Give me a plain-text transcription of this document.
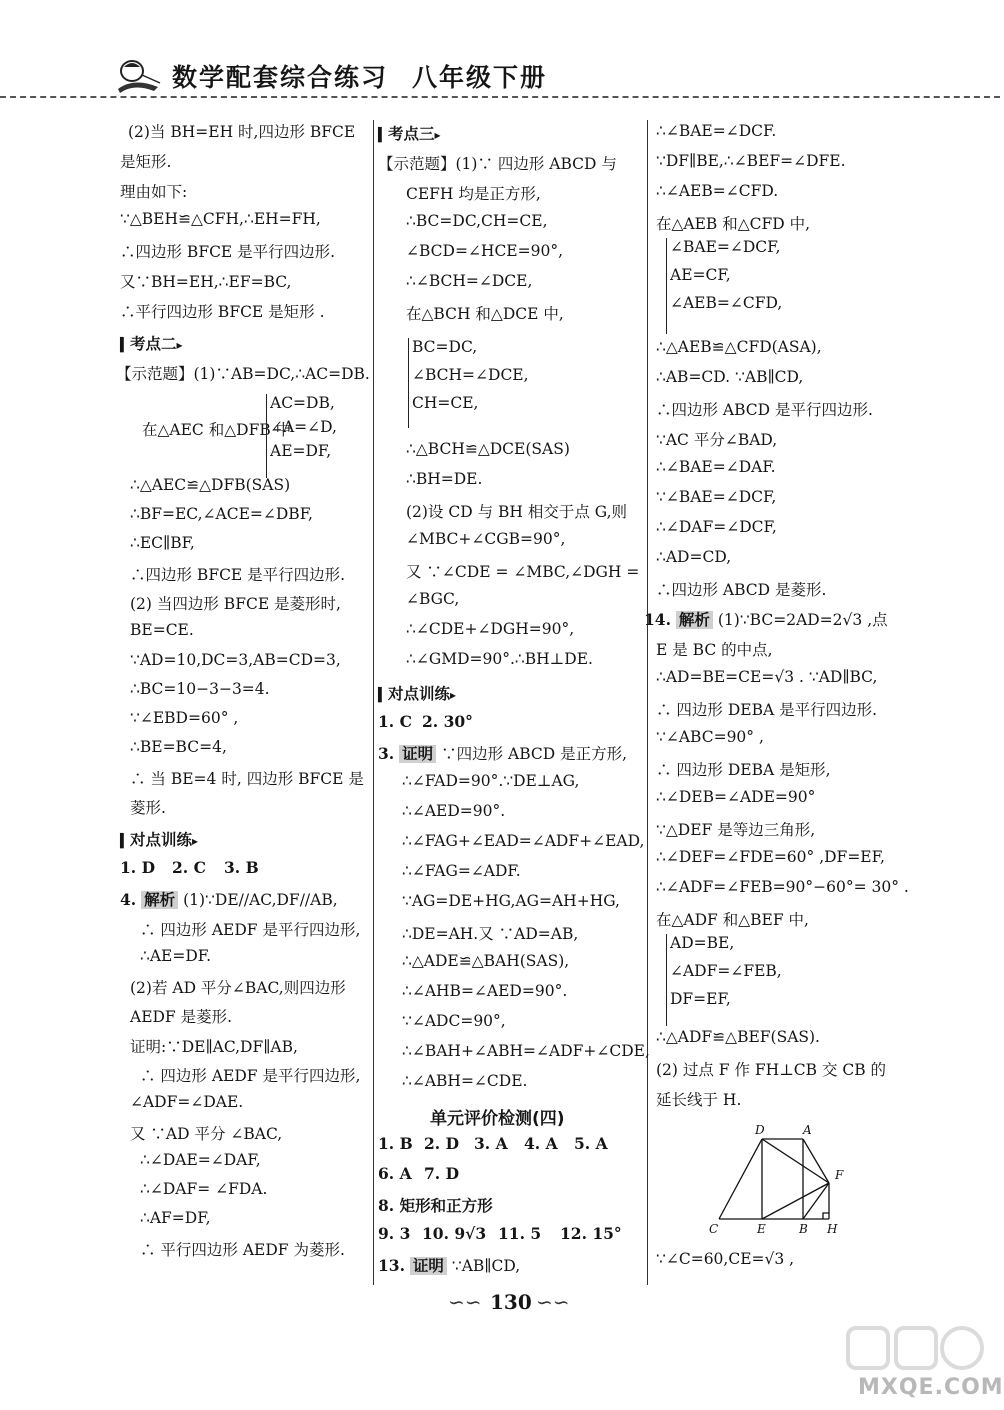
数学配套综合练习 八年级下册
(2)当 BH=EH 时,四边形 BFCE
是矩形.
理由如下:
∵△BEH≌△CFH,∴EH=FH,
∴四边形 BFCE 是平行四边形.
又∵BH=EH,∴EF=BC,
∴平行四边形 BFCE 是矩形 .
▍ 考点二 ▸
【示范题】(1)∵AB=DC,∴AC=DB.
在△AEC 和△DFB 中
AC=DB,
∠A=∠D,
AE=DF,
∴△AEC≌△DFB(SAS)
∴BF=EC,∠ACE=∠DBF,
∴EC∥BF,
∴四边形 BFCE 是平行四边形.
(2) 当四边形 BFCE 是菱形时,
BE=CE.
∵AD=10,DC=3,AB=CD=3,
∴BC=10−3−3=4.
∵∠EBD=60° ,
∴BE=BC=4,
∴ 当 BE=4 时, 四边形 BFCE 是
菱形.
▍ 对点训练 ▸
1. D 2. C 3. B
4. 解析 (1)∵DE//AC,DF//AB,
∴ 四边形 AEDF 是平行四边形,
∴AE=DF.
(2)若 AD 平分∠BAC,则四边形
AEDF 是菱形.
证明:∵DE∥AC,DF∥AB,
∴ 四边形 AEDF 是平行四边形,
∠ADF=∠DAE.
又 ∵AD 平分 ∠BAC,
∴∠DAE=∠DAF,
∴∠DAF= ∠FDA.
∴AF=DF,
∴ 平行四边形 AEDF 为菱形.
▍ 考点三 ▸
【示范题】(1)∵ 四边形 ABCD 与
CEFH 均是正方形,
∴BC=DC,CH=CE,
∠BCD=∠HCE=90°,
∴∠BCH=∠DCE,
在△BCH 和△DCE 中,
BC=DC,
∠BCH=∠DCE,
CH=CE,
∴△BCH≌△DCE(SAS)
∴BH=DE.
(2)设 CD 与 BH 相交于点 G,则
∠MBC+∠CGB=90°,
又 ∵∠CDE = ∠MBC,∠DGH =
∠BGC,
∴∠CDE+∠DGH=90°,
∴∠GMD=90°.∴BH⊥DE.
▍ 对点训练 ▸
1. C 2. 30°
3. 证明 ∵四边形 ABCD 是正方形,
∴∠FAD=90°.∵DE⊥AG,
∴∠AED=90°.
∴∠FAG+∠EAD=∠ADF+∠EAD,
∴∠FAG=∠ADF.
∵AG=DE+HG,AG=AH+HG,
∴DE=AH.又 ∵AD=AB,
∴△ADE≌△BAH(SAS),
∴∠AHB=∠AED=90°.
∵∠ADC=90°,
∴∠BAH+∠ABH=∠ADF+∠CDE,
∴∠ABH=∠CDE.
单元评价检测(四)
1. B 2. D 3. A 4. A 5. A
6. A 7. D
8. 矩形和正方形
9. 3 10. 9√3 11. 5 12. 15°
13. 证明 ∵AB∥CD,
∴∠BAE=∠DCF.
∵DF∥BE,∴∠BEF=∠DFE.
∴∠AEB=∠CFD.
在△AEB 和△CFD 中,
∠BAE=∠DCF,
AE=CF,
∠AEB=∠CFD,
∴△AEB≌△CFD(ASA),
∴AB=CD. ∵AB∥CD,
∴四边形 ABCD 是平行四边形.
∵AC 平分∠BAD,
∴∠BAE=∠DAF.
∵∠BAE=∠DCF,
∴∠DAF=∠DCF,
∴AD=CD,
∴四边形 ABCD 是菱形.
14. 解析 (1)∵BC=2AD=2√3 ,点
E 是 BC 的中点,
∴AD=BE=CE=√3 . ∵AD∥BC,
∴ 四边形 DEBA 是平行四边形.
∵∠ABC=90° ,
∴ 四边形 DEBA 是矩形,
∴∠DEB=∠ADE=90°
∵△DEF 是等边三角形,
∴∠DEF=∠FDE=60° ,DF=EF,
∴∠ADF=∠FEB=90°−60°= 30° .
在△ADF 和△BEF 中,
AD=BE,
∠ADF=∠FEB,
DF=EF,
∴△ADF≌△BEF(SAS).
(2) 过点 F 作 FH⊥CB 交 CB 的
延长线于 H.
∵∠C=60,CE=√3 ,
D	A
F
C	E	B H
∽∽ 130 ∽∽
MXQE.COM
